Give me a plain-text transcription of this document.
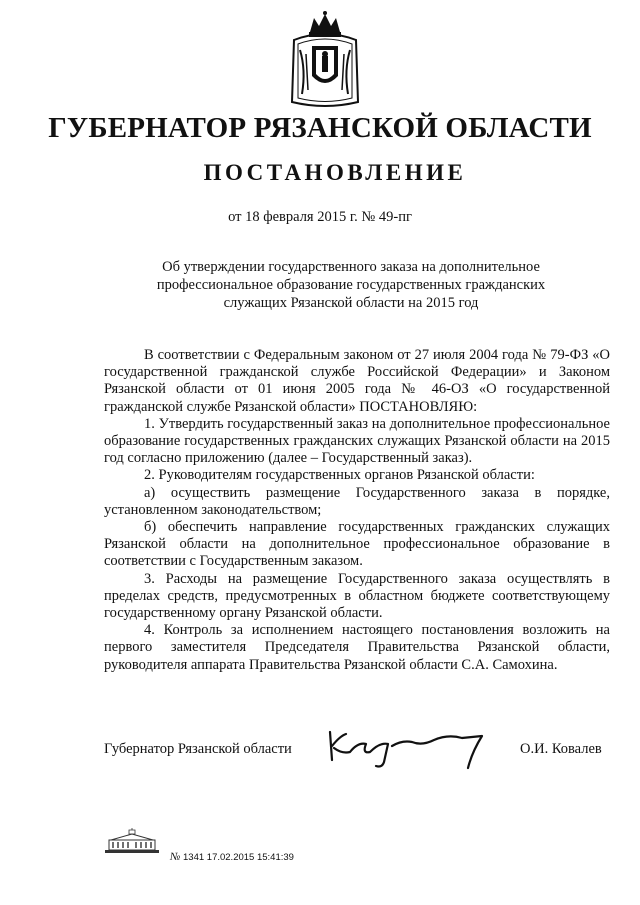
ГУБЕРНАТОР РЯЗАНСКОЙ ОБЛАСТИ
ПОСТАНОВЛЕНИЕ
от 18 февраля 2015 г. № 49-пг
Об утверждении государственного заказа на дополнительное
профессиональное образование государственных гражданских
служащих Рязанской области на 2015 год

В соответствии с Федеральным законом от 27 июля 2004 года № 79-ФЗ «О государственной гражданской службе Российской Федерации» и Законом Рязанской области от 01 июня 2005 года № 46-ОЗ «О государственной гражданской службе Рязанской области» ПОСТАНОВЛЯЮ:

1. Утвердить государственный заказ на дополнительное профессиональное образование государственных гражданских служащих Рязанской области на 2015 год согласно приложению (далее – Государственный заказ).

2. Руководителям государственных органов Рязанской области:

а) осуществить размещение Государственного заказа в порядке, установленном законодательством;

б) обеспечить направление государственных гражданских служащих Рязанской области на дополнительное профессиональное образование в соответствии с Государственным заказом.

3. Расходы на размещение Государственного заказа осуществлять в пределах средств, предусмотренных в областном бюджете соответствующему государственному органу Рязанской области.

4. Контроль за исполнением настоящего постановления возложить на первого заместителя Председателя Правительства Рязанской области, руководителя аппарата Правительства Рязанской области С.А. Самохина.

Губернатор Рязанской области	О.И. Ковалев
№ 1341 17.02.2015 15:41:39
